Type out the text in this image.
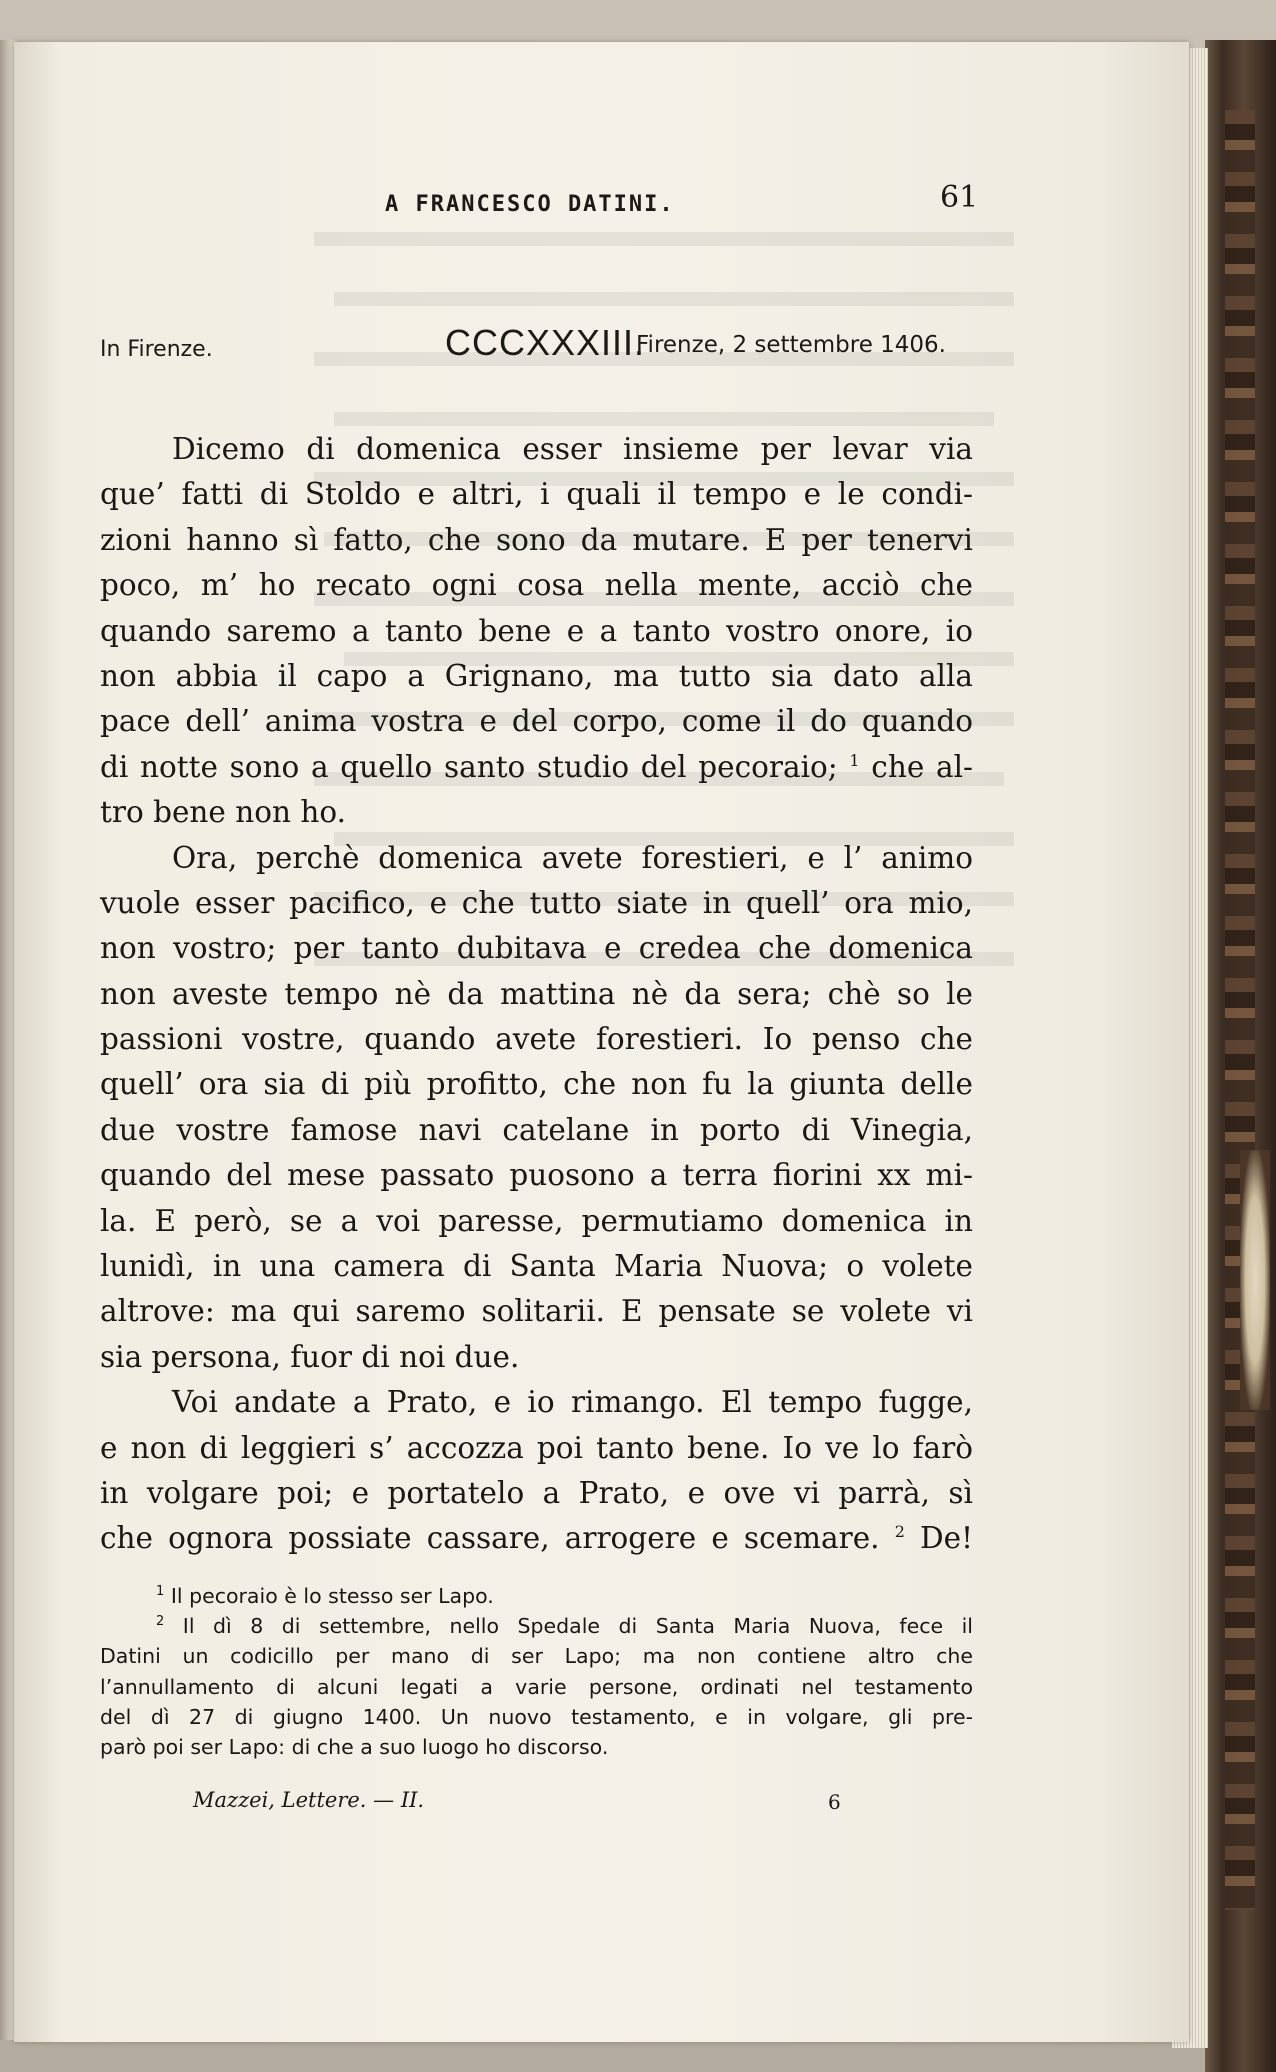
A FRANCESCO DATINI.	61
In Firenze.	CCCXXXIII.
Firenze, 2 settembre 1406.
Dicemo di domenica esser insieme per levar via
que’ fatti di Stoldo e altri, i quali il tempo e le condi-
zioni hanno sì fatto, che sono da mutare. E per tenervi
poco, m’ ho recato ogni cosa nella mente, acciò che
quando saremo a tanto bene e a tanto vostro onore, io
non abbia il capo a Grignano, ma tutto sia dato alla
pace dell’ anima vostra e del corpo, come il do quando
di notte sono a quello santo studio del pecoraio; $^1$ che al-
tro bene non ho.
Ora, perchè domenica avete forestieri, e l’ animo
vuole esser pacifico, e che tutto siate in quell’ ora mio,
non vostro; per tanto dubitava e credea che domenica
non aveste tempo nè da mattina nè da sera; chè so le
passioni vostre, quando avete forestieri. Io penso che
quell’ ora sia di più profitto, che non fu la giunta delle
due vostre famose navi catelane in porto di Vinegia,
quando del mese passato puosono a terra fiorini xx mi-
la. E però, se a voi paresse, permutiamo domenica in
lunidì, in una camera di Santa Maria Nuova; o volete
altrove: ma qui saremo solitarii. E pensate se volete vi
sia persona, fuor di noi due.
Voi andate a Prato, e io rimango. El tempo fugge,
e non di leggieri s’ accozza poi tanto bene. Io ve lo farò
in volgare poi; e portatelo a Prato, e ove vi parrà, sì
che ognora possiate cassare, arrogere e scemare. $^2$ De!
$^1$ Il pecoraio è lo stesso ser Lapo.
$^2$ Il dì 8 di settembre, nello Spedale di Santa Maria Nuova, fece il
Datini un codicillo per mano di ser Lapo; ma non contiene altro che
l’annullamento di alcuni legati a varie persone, ordinati nel testamento
del dì 27 di giugno 1400. Un nuovo testamento, e in volgare, gli pre-
parò poi ser Lapo: di che a suo luogo ho discorso.
Mazzei, Lettere. — II.	6
